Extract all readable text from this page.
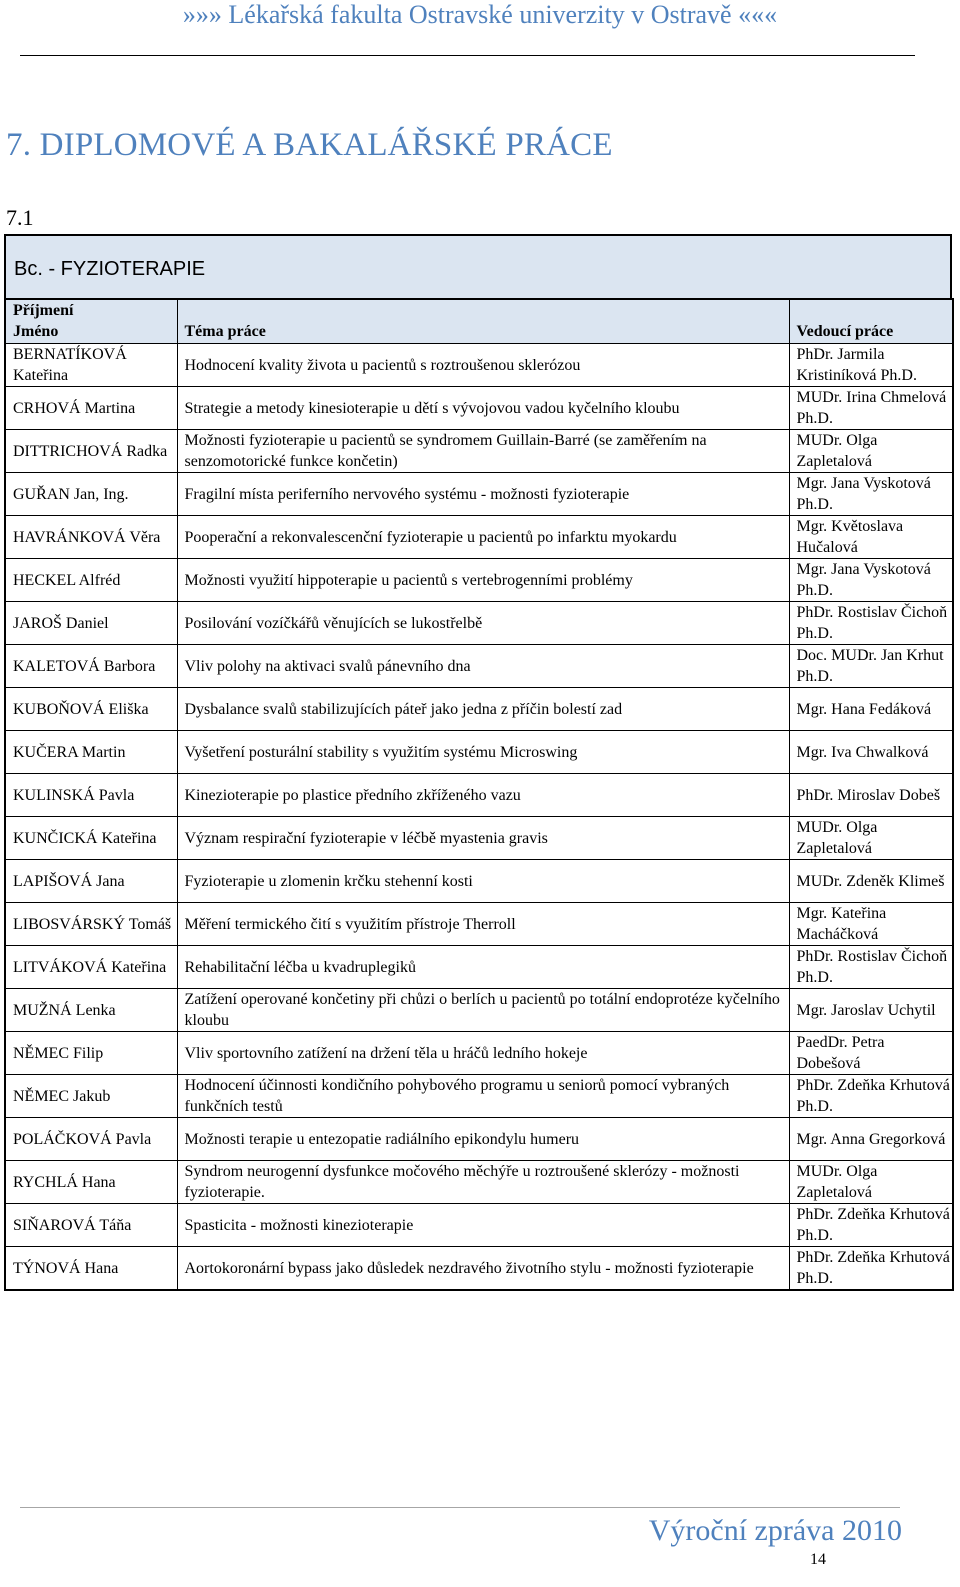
»»» Lékařská fakulta Ostravské univerzity v Ostravě «««
7. DIPLOMOVÉ A BAKALÁŘSKÉ PRÁCE
7.1
Bc. - FYZIOTERAPIE
Příjmení
Jméno	Téma práce	Vedoucí práce
BERNATÍKOVÁ Kateřina	Hodnocení kvality života u pacientů s roztroušenou sklerózou	PhDr. Jarmila Kristiníková Ph.D.
CRHOVÁ Martina	Strategie a metody kinesioterapie u dětí s vývojovou vadou kyčelního kloubu	MUDr. Irina Chmelová Ph.D.
DITTRICHOVÁ Radka	Možnosti fyzioterapie u pacientů se syndromem Guillain-Barré (se zaměřením na senzomotorické funkce končetin)	MUDr. Olga Zapletalová
GUŘAN Jan, Ing.	Fragilní místa periferního nervového systému - možnosti fyzioterapie	Mgr. Jana Vyskotová Ph.D.
HAVRÁNKOVÁ Věra	Pooperační a rekonvalescenční fyzioterapie u pacientů po infarktu myokardu	Mgr. Květoslava Hučalová
HECKEL Alfréd	Možnosti využití hippoterapie u pacientů s vertebrogenními problémy	Mgr. Jana Vyskotová Ph.D.
JAROŠ Daniel	Posilování vozíčkářů věnujících se lukostřelbě	PhDr. Rostislav Čichoň Ph.D.
KALETOVÁ Barbora	Vliv polohy na aktivaci svalů pánevního dna	Doc. MUDr. Jan Krhut Ph.D.
KUBOŇOVÁ Eliška	Dysbalance svalů stabilizujících páteř jako jedna z příčin bolestí zad	Mgr. Hana Fedáková
KUČERA Martin	Vyšetření posturální stability s využitím systému Microswing	Mgr. Iva Chwalková
KULINSKÁ Pavla	Kinezioterapie po plastice předního zkříženého vazu	PhDr. Miroslav Dobeš
KUNČICKÁ Kateřina	Význam respirační fyzioterapie v léčbě myastenia gravis	MUDr. Olga Zapletalová
LAPIŠOVÁ Jana	Fyzioterapie u zlomenin krčku stehenní kosti	MUDr. Zdeněk Klimeš
LIBOSVÁRSKÝ Tomáš	Měření termického čití s využitím přístroje Therroll	Mgr. Kateřina Macháčková
LITVÁKOVÁ Kateřina	Rehabilitační léčba u kvadruplegiků	PhDr. Rostislav Čichoň Ph.D.
MUŽNÁ Lenka	Zatížení operované končetiny při chůzi o berlích u pacientů po totální endoprotéze kyčelního kloubu	Mgr. Jaroslav Uchytil
NĚMEC Filip	Vliv sportovního zatížení na držení těla u hráčů ledního hokeje	PaedDr. Petra Dobešová
NĚMEC Jakub	Hodnocení účinnosti kondičního pohybového programu u seniorů pomocí vybraných funkčních testů	PhDr. Zdeňka Krhutová Ph.D.
POLÁČKOVÁ Pavla	Možnosti terapie u entezopatie radiálního epikondylu humeru	Mgr. Anna Gregorková
RYCHLÁ Hana	Syndrom neurogenní dysfunkce močového měchýře u roztroušené sklerózy - možnosti fyzioterapie.	MUDr. Olga Zapletalová
SIŇAROVÁ Táňa	Spasticita - možnosti kinezioterapie	PhDr. Zdeňka Krhutová Ph.D.
TÝNOVÁ Hana	Aortokoronární bypass jako důsledek nezdravého životního stylu - možnosti fyzioterapie	PhDr. Zdeňka Krhutová Ph.D.
Výroční zpráva 2010
14
